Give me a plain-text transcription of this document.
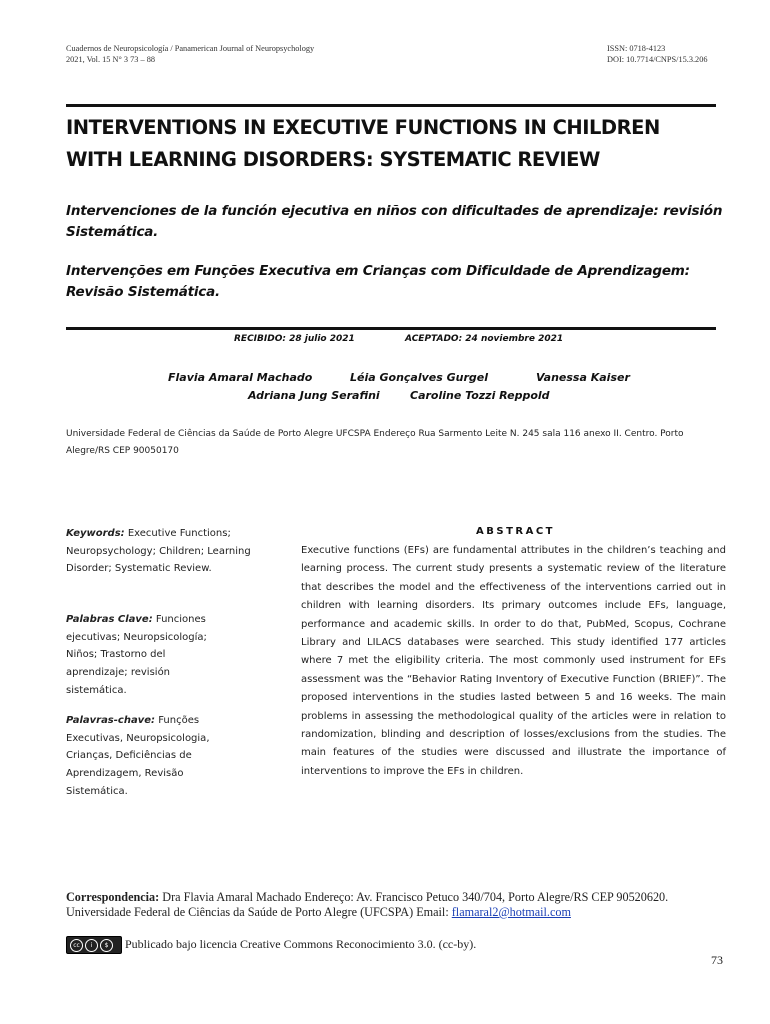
Cuadernos de Neuropsicología / Panamerican Journal of Neuropsychology
2021, Vol. 15 N° 3 73 – 88
ISSN: 0718-4123
DOI: 10.7714/CNPS/15.3.206
INTERVENTIONS IN EXECUTIVE FUNCTIONS IN CHILDREN
WITH LEARNING DISORDERS: SYSTEMATIC REVIEW
Intervenciones de la función ejecutiva en niños con dificultades de aprendizaje: revisión Sistemática.
Intervenções em Funções Executiva em Crianças com Dificuldade de Aprendizagem: Revisão Sistemática.
RECIBIDO: 28 julio 2021	ACEPTADO: 24 noviembre 2021
Flavia Amaral Machado	Léia Gonçalves Gurgel	Vanessa Kaiser
Adriana Jung Serafini	Caroline Tozzi Reppold
Universidade Federal de Ciências da Saúde de Porto Alegre UFCSPA Endereço Rua Sarmento Leite N. 245 sala 116 anexo II. Centro. Porto Alegre/RS CEP 90050170
Keywords: Executive Functions; Neuropsychology; Children; Learning Disorder; Systematic Review.
Palabras Clave: Funciones ejecutivas; Neuropsicología; Niños; Trastorno del aprendizaje; revisión sistemática.
Palavras-chave: Funções Executivas, Neuropsicologia, Crianças, Deficiências de Aprendizagem, Revisão Sistemática.
ABSTRACT
Executive functions (EFs) are fundamental attributes in the children’s teaching and learning process. The current study presents a systematic review of the literature that describes the model and the effectiveness of the interventions carried out in children with learning disorders. Its primary outcomes include EFs, language, performance and academic skills. In order to do that, PubMed, Scopus, Cochrane Library and LILACS databases were searched. This study identified 177 articles where 7 met the eligibility criteria. The most commonly used instrument for EFs assessment was the “Behavior Rating Inventory of Executive Function (BRIEF)”. The proposed interventions in the studies lasted between 5 and 16 weeks. The main problems in assessing the methodological quality of the articles were in relation to randomization, blinding and description of losses/exclusions from the studies. The main features of the studies were discussed and illustrate the importance of interventions to improve the EFs in children.
Correspondencia: Dra Flavia Amaral Machado Endereço: Av. Francisco Petuco 340/704, Porto Alegre/RS CEP 90520620. Universidade Federal de Ciências da Saúde de Porto Alegre (UFCSPA) Email: flamaral2@hotmail.com
cc	i	$	Publicado bajo licencia Creative Commons Reconocimiento 3.0. (cc-by).
73
